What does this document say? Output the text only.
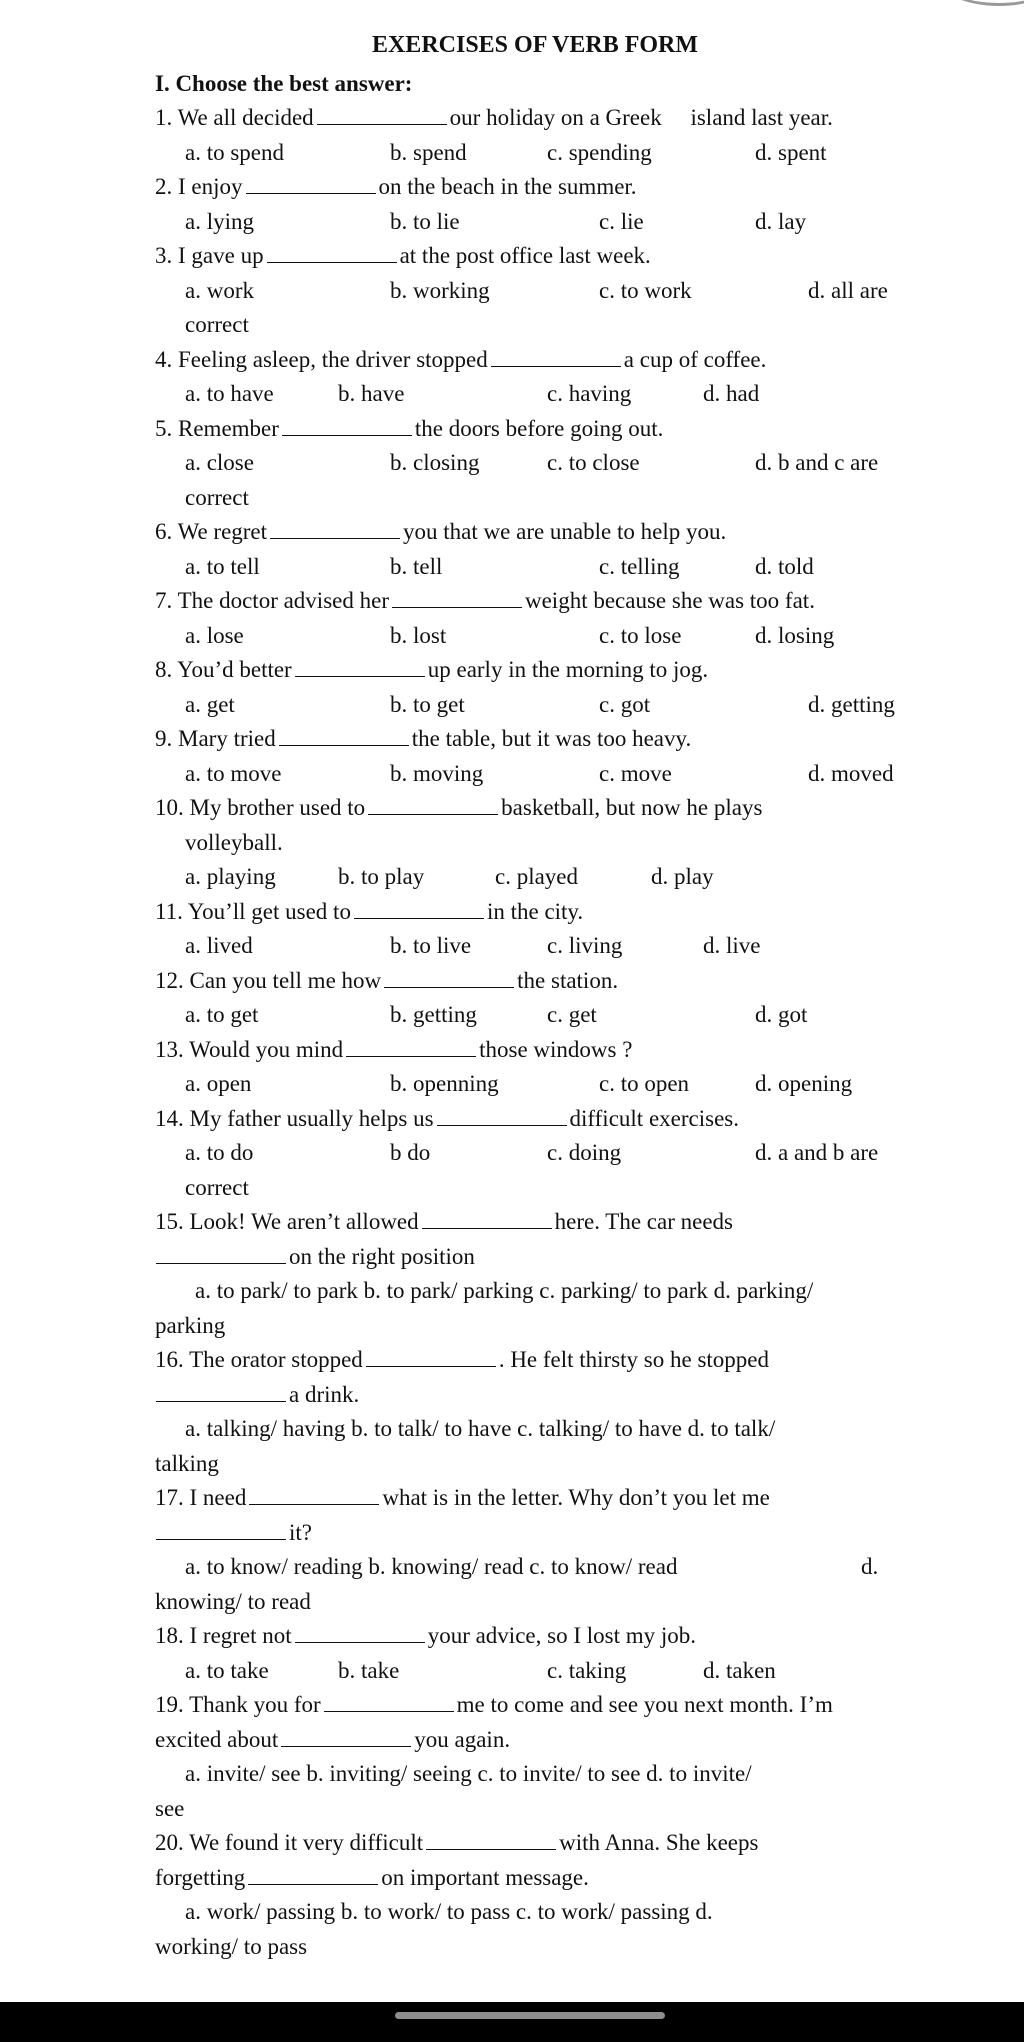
EXERCISES OF VERB FORM

I. Choose the best answer:

1. We all decided	our holiday on a Greek island last year.

a. to spend	b. spend	c. spending	d. spent

2. I enjoy	on the beach in the summer.

a. lying	b. to lie	c. lie	d. lay

3. I gave up	at the post office last week.

a. work	b. working	c. to work	d. all are

correct

4. Feeling asleep, the driver stopped	a cup of coffee.

a. to have	b. have	c. having	d. had

5. Remember	the doors before going out.

a. close	b. closing	c. to close	d. b and c are

correct

6. We regret	you that we are unable to help you.

a. to tell	b. tell	c. telling	d. told

7. The doctor advised her	weight because she was too fat.

a. lose	b. lost	c. to lose	d. losing

8. You’d better	up early in the morning to jog.

a. get	b. to get	c. got	d. getting

9. Mary tried	the table, but it was too heavy.

a. to move	b. moving	c. move	d. moved

10. My brother used to	basketball, but now he plays

volleyball.

a. playing	b. to play	c. played	d. play

11. You’ll get used to	in the city.

a. lived	b. to live	c. living	d. live

12. Can you tell me how	the station.

a. to get	b. getting	c. get	d. got

13. Would you mind	those windows ?

a. open	b. openning	c. to open	d. opening

14. My father usually helps us	difficult exercises.

a. to do	b do	c. doing	d. a and b are

correct

15. Look! We aren’t allowed	here. The car needs

on the right position

a. to park/ to park b. to park/ parking c. parking/ to park d. parking/

parking

16. The orator stopped	. He felt thirsty so he stopped

a drink.

a. talking/ having b. to talk/ to have c. talking/ to have d. to talk/

talking

17. I need	what is in the letter. Why don’t you let me

it?

a. to know/ reading b. knowing/ read c. to know/ read	d.

knowing/ to read

18. I regret not	your advice, so I lost my job.

a. to take	b. take	c. taking	d. taken

19. Thank you for	me to come and see you next month. I’m

excited about	you again.

a. invite/ see b. inviting/ seeing c. to invite/ to see d. to invite/

see

20. We found it very difficult	with Anna. She keeps

forgetting	on important message.

a. work/ passing b. to work/ to pass c. to work/ passing d.

working/ to pass
